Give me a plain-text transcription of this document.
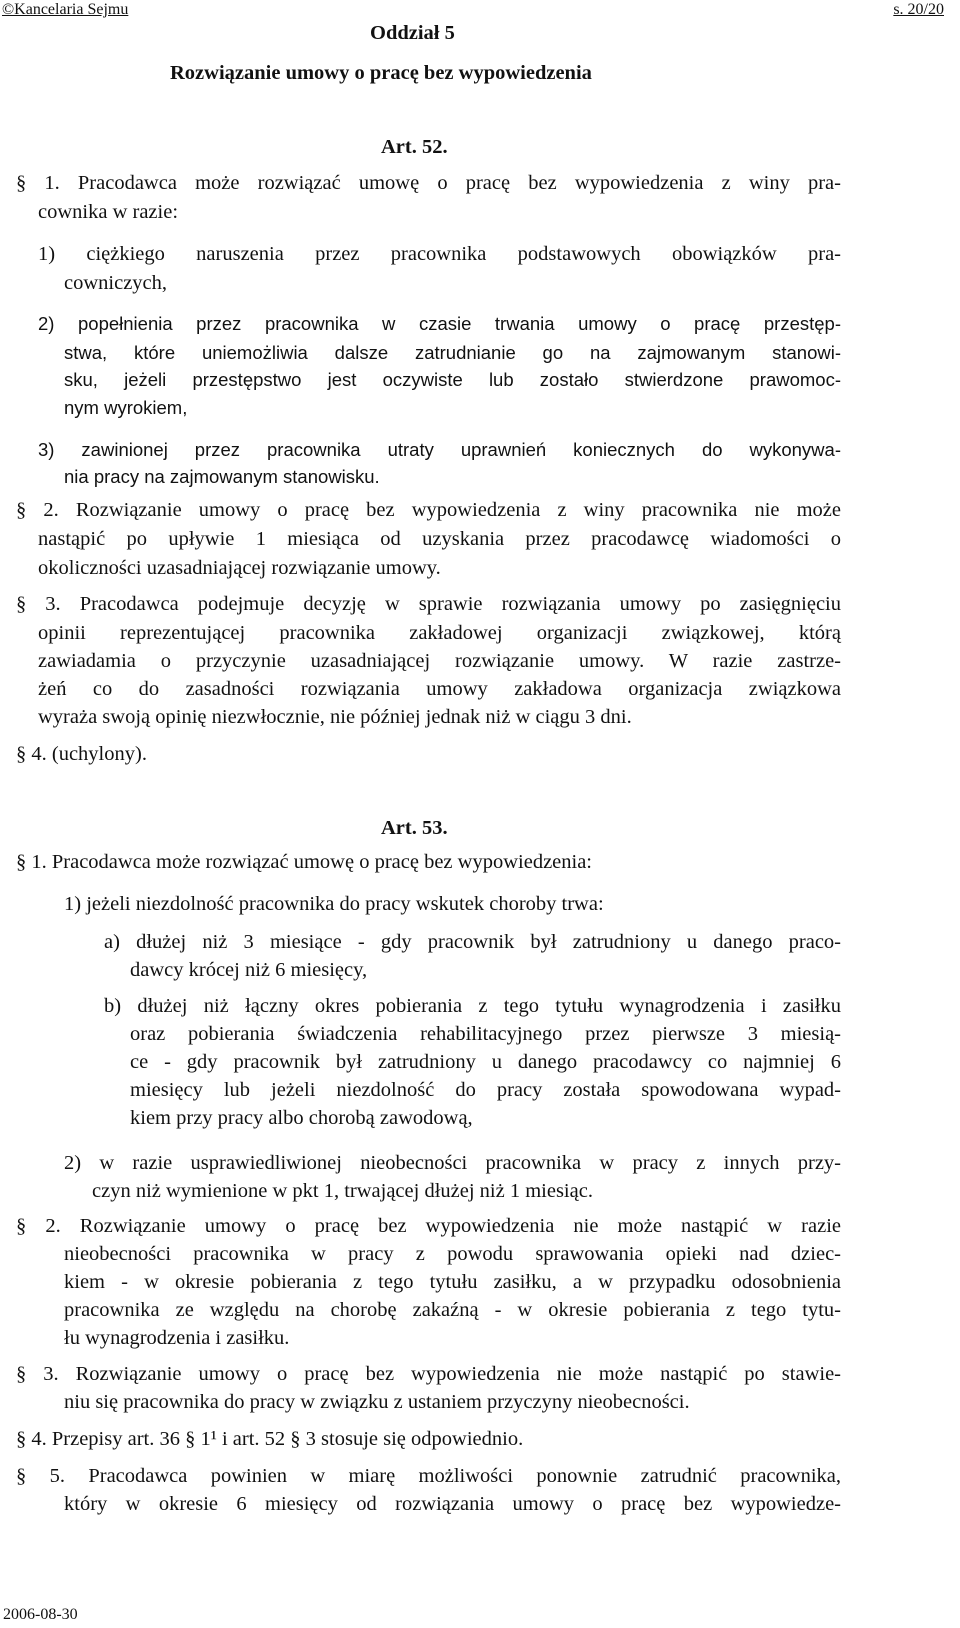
©Kancelaria Sejmu	s. 20/20
Oddział 5
Rozwiązanie umowy o pracę bez wypowiedzenia
Art. 52.
§ 1. Pracodawca może rozwiązać umowę o pracę bez wypowiedzenia z winy pra-
cownika w razie:
1) ciężkiego naruszenia przez pracownika podstawowych obowiązków pra-
cowniczych,
2) popełnienia przez pracownika w czasie trwania umowy o pracę przestęp-
stwa, które uniemożliwia dalsze zatrudnianie go na zajmowanym stanowi-
sku, jeżeli przestępstwo jest oczywiste lub zostało stwierdzone prawomoc-
nym wyrokiem,
3) zawinionej przez pracownika utraty uprawnień koniecznych do wykonywa-
nia pracy na zajmowanym stanowisku.
§ 2. Rozwiązanie umowy o pracę bez wypowiedzenia z winy pracownika nie może
nastąpić po upływie 1 miesiąca od uzyskania przez pracodawcę wiadomości o
okoliczności uzasadniającej rozwiązanie umowy.
§ 3. Pracodawca podejmuje decyzję w sprawie rozwiązania umowy po zasięgnięciu
opinii reprezentującej pracownika zakładowej organizacji związkowej, którą
zawiadamia o przyczynie uzasadniającej rozwiązanie umowy. W razie zastrze-
żeń co do zasadności rozwiązania umowy zakładowa organizacja związkowa
wyraża swoją opinię niezwłocznie, nie później jednak niż w ciągu 3 dni.
§ 4. (uchylony).
Art. 53.
§ 1. Pracodawca może rozwiązać umowę o pracę bez wypowiedzenia:
1) jeżeli niezdolność pracownika do pracy wskutek choroby trwa:
a) dłużej niż 3 miesiące - gdy pracownik był zatrudniony u danego praco-
dawcy krócej niż 6 miesięcy,
b) dłużej niż łączny okres pobierania z tego tytułu wynagrodzenia i zasiłku
oraz pobierania świadczenia rehabilitacyjnego przez pierwsze 3 miesią-
ce - gdy pracownik był zatrudniony u danego pracodawcy co najmniej 6
miesięcy lub jeżeli niezdolność do pracy została spowodowana wypad-
kiem przy pracy albo chorobą zawodową,
2) w razie usprawiedliwionej nieobecności pracownika w pracy z innych przy-
czyn niż wymienione w pkt 1, trwającej dłużej niż 1 miesiąc.
§ 2. Rozwiązanie umowy o pracę bez wypowiedzenia nie może nastąpić w razie
nieobecności pracownika w pracy z powodu sprawowania opieki nad dziec-
kiem - w okresie pobierania z tego tytułu zasiłku, a w przypadku odosobnienia
pracownika ze względu na chorobę zakaźną - w okresie pobierania z tego tytu-
łu wynagrodzenia i zasiłku.
§ 3. Rozwiązanie umowy o pracę bez wypowiedzenia nie może nastąpić po stawie-
niu się pracownika do pracy w związku z ustaniem przyczyny nieobecności.
§ 4. Przepisy art. 36 § 1¹ i art. 52 § 3 stosuje się odpowiednio.
§ 5. Pracodawca powinien w miarę możliwości ponownie zatrudnić pracownika,
który w okresie 6 miesięcy od rozwiązania umowy o pracę bez wypowiedze-
2006-08-30
